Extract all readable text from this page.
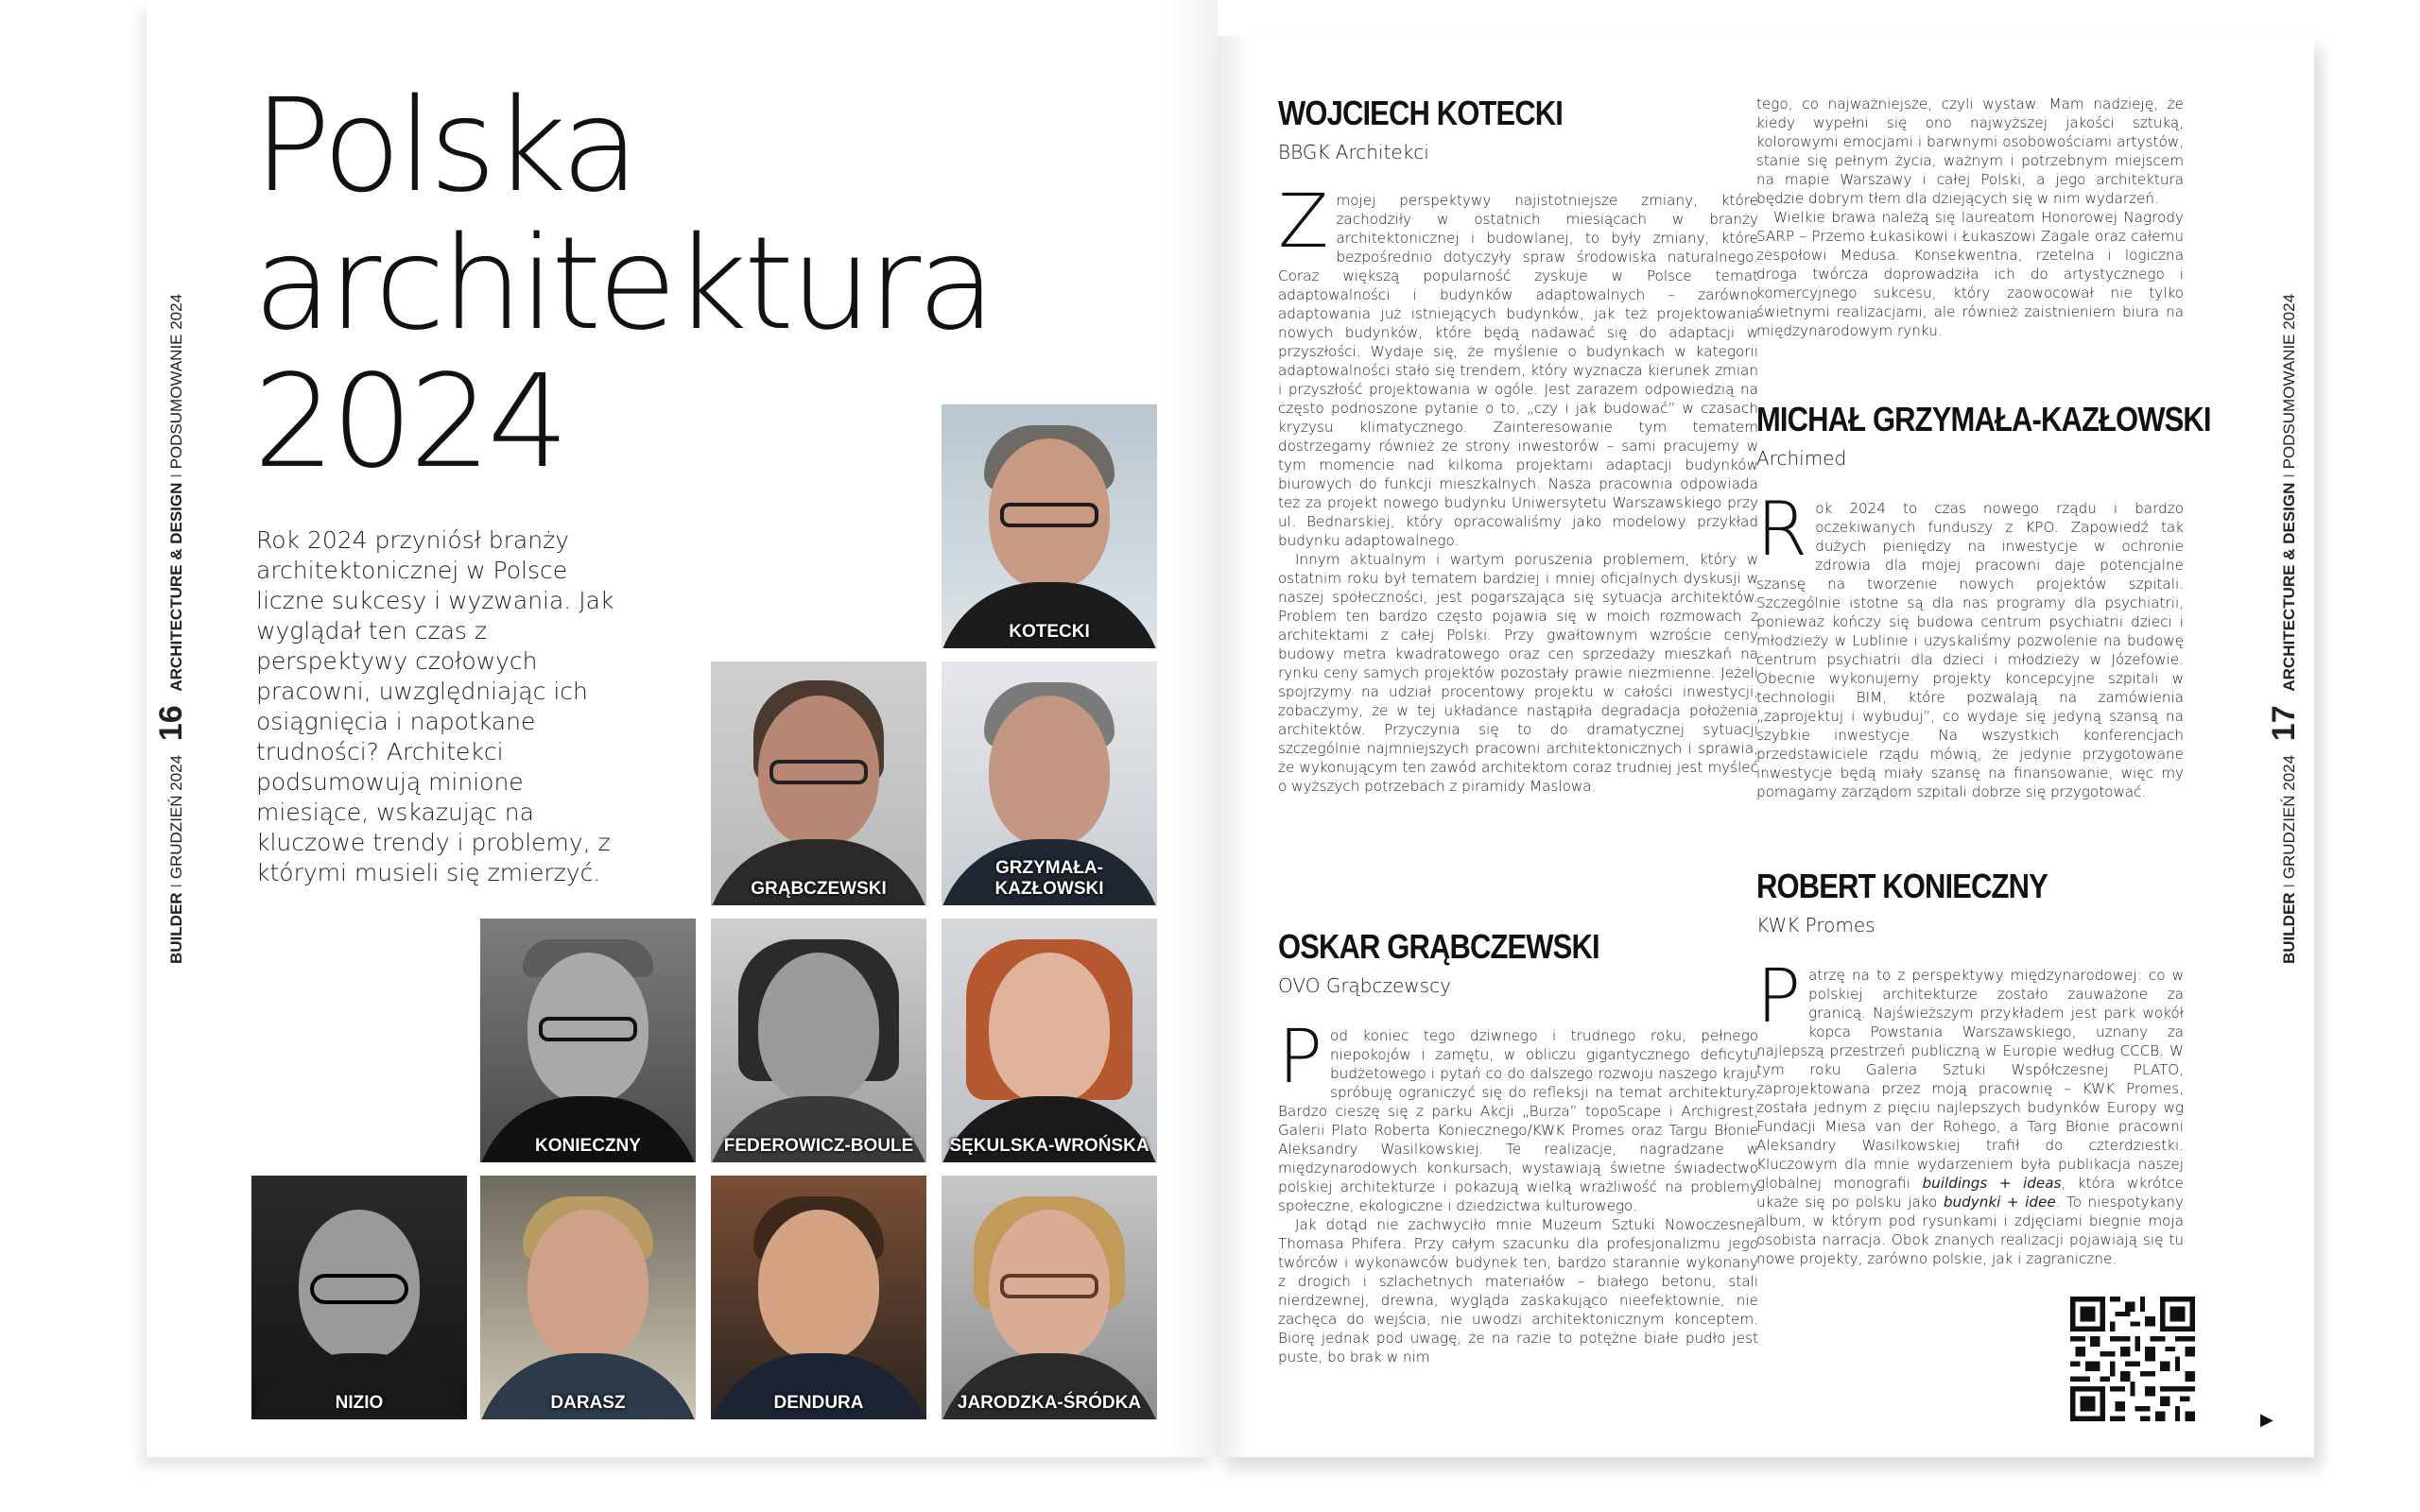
Polska
architektura
2024
Rok 2024 przyniósł branży architektonicznej w Polsce liczne sukcesy i wyzwania. Jak wyglądał ten czas z perspektywy czołowych pracowni, uwzględniając ich osiągnięcia i napotkane trudności? Architekci podsumowują minione miesiące, wskazując na kluczowe trendy i problemy, z którymi musieli się zmierzyć.
BUILDER I GRUDZIEŃ 2024 16 ARCHITECTURE & DESIGN I PODSUMOWANIE 2024
KOTECKI
GRĄBCZEWSKI
GRZYMAŁA-KAZŁOWSKI
KONIECZNY	FEDEROWICZ-BOULE	SĘKULSKA-WROŃSKA
NIZIO	DARASZ	DENDURA	JARODZKA-ŚRÓDKA
BUILDER I GRUDZIEŃ 2024 17 ARCHITECTURE & DESIGN I PODSUMOWANIE 2024
WOJCIECH KOTECKI
BBGK Architekci

Zmojej perspektywy najistotniejsze zmiany, które zachodziły w ostatnich miesiącach w branży architektonicznej i budowlanej, to były zmiany, które bezpośrednio dotyczyły spraw środowiska naturalnego. Coraz większą popularność zyskuje w Polsce temat adaptowalności i budynków adaptowalnych – zarówno adaptowania już istniejących budynków, jak też projektowania nowych budynków, które będą nadawać się do adaptacji w przyszłości. Wydaje się, że myślenie o budynkach w kategorii adaptowalności stało się trendem, który wyznacza kierunek zmian i przyszłość projektowania w ogóle. Jest zarazem odpowiedzią na często podnoszone pytanie o to, „czy i jak budować” w czasach kryzysu klimatycznego. Zainteresowanie tym tematem dostrzegamy również ze strony inwestorów – sami pracujemy w tym momencie nad kilkoma projektami adaptacji budynków biurowych do funkcji mieszkalnych. Nasza pracownia odpowiada też za projekt nowego budynku Uniwersytetu Warszawskiego przy ul. Bednarskiej, który opracowaliśmy jako modelowy przykład budynku adaptowalnego.

Innym aktualnym i wartym poruszenia problemem, który w ostatnim roku był tematem bardziej i mniej oficjalnych dyskusji w naszej społeczności, jest pogarszająca się sytuacja architektów. Problem ten bardzo często pojawia się w moich rozmowach z architektami z całej Polski. Przy gwałtownym wzroście ceny budowy metra kwadratowego oraz cen sprzedaży mieszkań na rynku ceny samych projektów pozostały prawie niezmienne. Jeżeli spojrzymy na udział procentowy projektu w całości inwestycji, zobaczymy, że w tej układance nastąpiła degradacja położenia architektów. Przyczynia się to do dramatycznej sytuacji szczególnie najmniejszych pracowni architektonicznych i sprawia, że wykonującym ten zawód architektom coraz trudniej jest myśleć o wyższych potrzebach z piramidy Maslowa.

OSKAR GRĄBCZEWSKI
OVO Grąbczewscy

Pod koniec tego dziwnego i trudnego roku, pełnego niepokojów i zamętu, w obliczu gigantycznego deficytu budżetowego i pytań co do dalszego rozwoju naszego kraju spróbuję ograniczyć się do refleksji na temat architektury. Bardzo cieszę się z parku Akcji „Burza” topoScape i Archigrest, Galerii Plato Roberta Koniecznego/KWK Promes oraz Targu Błonie Aleksandry Wasilkowskiej. Te realizacje, nagradzane w międzynarodowych konkursach, wystawiają świetne świadectwo polskiej architekturze i pokazują wielką wrażliwość na problemy społeczne, ekologiczne i dziedzictwa kulturowego.

Jak dotąd nie zachwyciło mnie Muzeum Sztuki Nowoczesnej Thomasa Phifera. Przy całym szacunku dla profesjonalizmu jego twórców i wykonawców budynek ten, bardzo starannie wykonany z drogich i szlachetnych materiałów – białego betonu, stali nierdzewnej, drewna, wygląda zaskakująco nieefektownie, nie zachęca do wejścia, nie uwodzi architektonicznym konceptem. Biorę jednak pod uwagę, że na razie to potężne białe pudło jest puste, bo brak w nim

tego, co najważniejsze, czyli wystaw. Mam nadzieję, że kiedy wypełni się ono najwyższej jakości sztuką, kolorowymi emocjami i barwnymi osobowościami artystów, stanie się pełnym życia, ważnym i potrzebnym miejscem na mapie Warszawy i całej Polski, a jego architektura będzie dobrym tłem dla dziejących się w nim wydarzeń.

Wielkie brawa należą się laureatom Honorowej Nagrody SARP – Przemo Łukasikowi i Łukaszowi Zagale oraz całemu zespołowi Medusa. Konsekwentna, rzetelna i logiczna droga twórcza doprowadziła ich do artystycznego i komercyjnego sukcesu, który zaowocował nie tylko świetnymi realizacjami, ale również zaistnieniem biura na międzynarodowym rynku.

MICHAŁ GRZYMAŁA-KAZŁOWSKI
Archimed

Rok 2024 to czas nowego rządu i bardzo oczekiwanych funduszy z KPO. Zapowiedź tak dużych pieniędzy na inwestycje w ochronie zdrowia dla mojej pracowni daje potencjalne szansę na tworzenie nowych projektów szpitali. Szczególnie istotne są dla nas programy dla psychiatrii, ponieważ kończy się budowa centrum psychiatrii dzieci i młodzieży w Lublinie i uzyskaliśmy pozwolenie na budowę centrum psychiatrii dla dzieci i młodzieży w Józefowie. Obecnie wykonujemy projekty koncepcyjne szpitali w technologii BIM, które pozwalają na zamówienia „zaprojektuj i wybuduj”, co wydaje się jedyną szansą na szybkie inwestycje. Na wszystkich konferencjach przedstawiciele rządu mówią, że jedynie przygotowane inwestycje będą miały szansę na finansowanie, więc my pomagamy zarządom szpitali dobrze się przygotować.

ROBERT KONIECZNY
KWK Promes

Patrzę na to z perspektywy międzynarodowej: co w polskiej architekturze zostało zauważone za granicą. Najświeższym przykładem jest park wokół kopca Powstania Warszawskiego, uznany za najlepszą przestrzeń publiczną w Europie według CCCB. W tym roku Galeria Sztuki Współczesnej PLATO, zaprojektowana przez moją pracownię – KWK Promes, została jednym z pięciu najlepszych budynków Europy wg Fundacji Miesa van der Rohego, a Targ Błonie pracowni Aleksandry Wasilkowskiej trafił do czterdziestki. Kluczowym dla mnie wydarzeniem była publikacja naszej globalnej monografii buildings + ideas, która wkrótce ukaże się po polsku jako budynki + idee. To niespotykany album, w którym pod rysunkami i zdjęciami biegnie moja osobista narracja. Obok znanych realizacji pojawiają się tu nowe projekty, zarówno polskie, jak i zagraniczne.

▶
